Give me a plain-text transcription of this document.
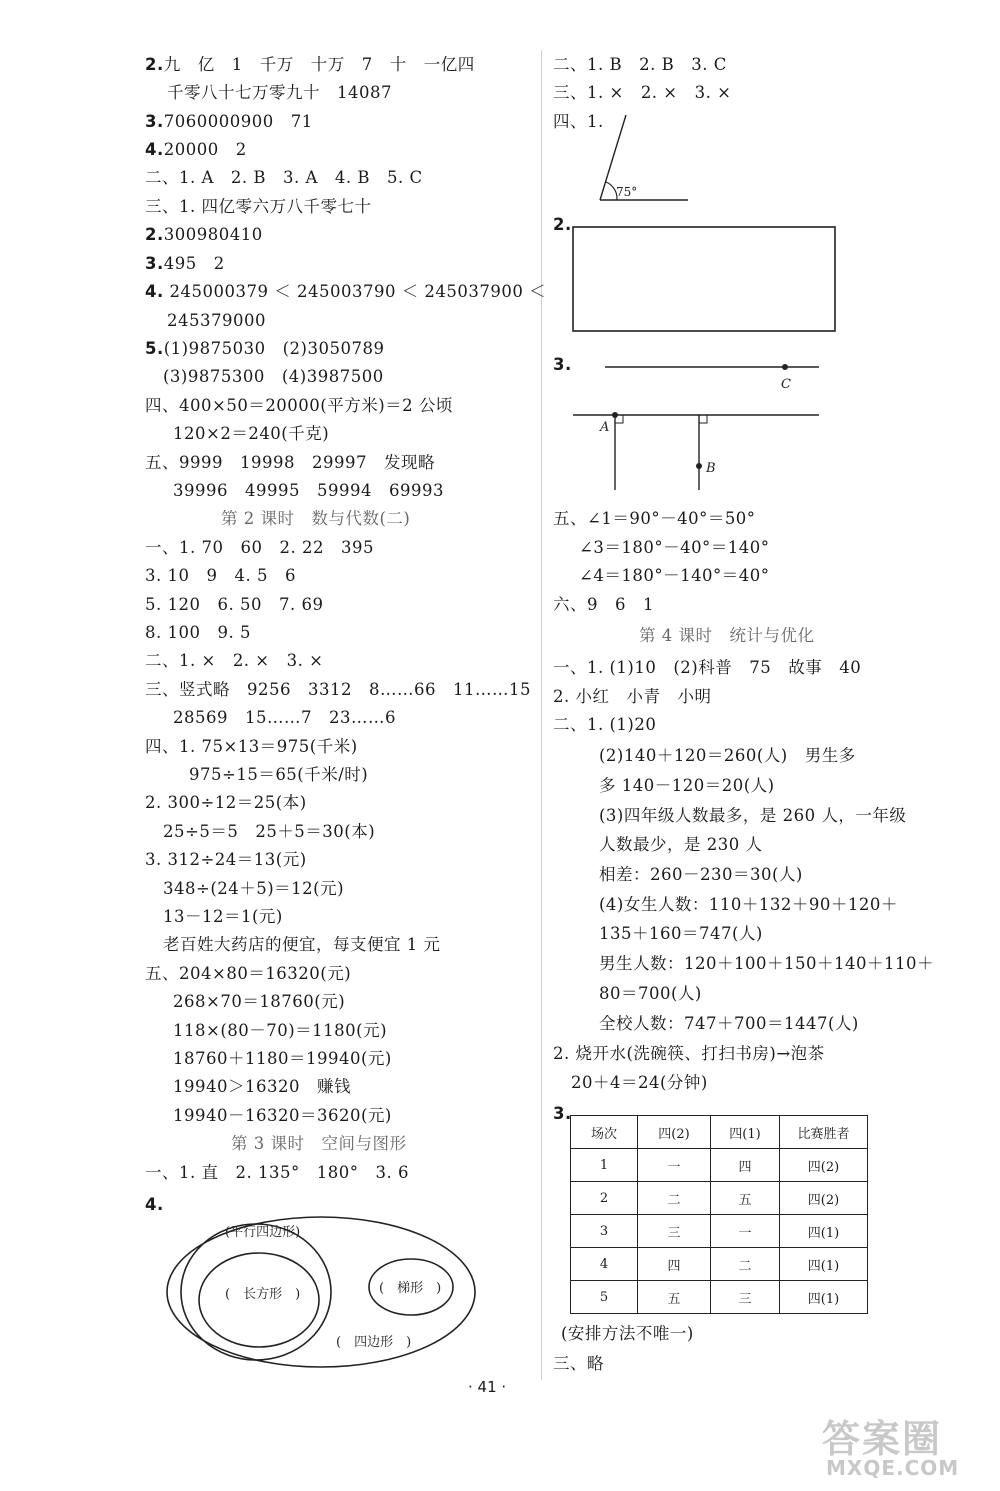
2.九　亿　1　千万　十万　7　十　一亿四
千零八十七万零九十　14087
3.7060000900　71
4.20000　2
二、1. A　2. B　3. A　4. B　5. C
三、1. 四亿零六万八千零七十
2.300980410
3.495　2
4. 245000379 ＜ 245003790 ＜ 245037900 ＜
245379000
5.(1)9875030　(2)3050789
(3)9875300　(4)3987500
四、400×50＝20000(平方米)＝2 公顷
120×2＝240(千克)
五、9999　19998　29997　发现略
39996　49995　59994　69993
第 2 课时　数与代数(二)
一、1. 70　60　2. 22　395
3. 10　9　4. 5　6
5. 120　6. 50　7. 69
8. 100　9. 5
二、1. ×　2. ×　3. ×
三、竖式略　9256　3312　8……66　11……15
28569　15……7　23……6
四、1. 75×13＝975(千米)
975÷15＝65(千米/时)
2. 300÷12＝25(本)
25÷5＝5　25＋5＝30(本)
3. 312÷24＝13(元)
348÷(24＋5)＝12(元)
13－12＝1(元)
老百姓大药店的便宜，每支便宜 1 元
五、204×80＝16320(元)
268×70＝18760(元)
118×(80－70)＝1180(元)
18760＋1180＝19940(元)
19940＞16320　赚钱
19940－16320＝3620(元)
第 3 课时　空间与图形
一、1. 直　2. 135°　180°　3. 6
4.
(平行四边形)
(　长方形　)	(　梯形　)
(　四边形　)
二、1. B　2. B　3. C
三、1. ×　2. ×　3. ×
四、1.
75°
2.
3.
C
A
B
五、∠1＝90°－40°＝50°
∠3＝180°－40°＝140°
∠4＝180°－140°＝40°
六、9　6　1
第 4 课时　统计与优化
一、1. (1)10　(2)科普　75　故事　40
2. 小红　小青　小明
二、1. (1)20
(2)140＋120＝260(人)　男生多
多 140－120＝20(人)
(3)四年级人数最多，是 260 人，一年级
人数最少，是 230 人
相差：260－230＝30(人)
(4)女生人数：110＋132＋90＋120＋
135＋160＝747(人)
男生人数：120＋100＋150＋140＋110＋
80＝700(人)
全校人数：747＋700＝1447(人)
2. 烧开水(洗碗筷、打扫书房)→泡茶
20＋4＝24(分钟)
3.
场次	四(2)	四(1)	比赛胜者
1	一	四	四(2)
2	二	五	四(2)
3	三	一	四(1)
4	四	二	四(1)
5	五	三	四(1)
(安排方法不唯一)
三、略
· 41 ·
答案圈
MXQE.COM
